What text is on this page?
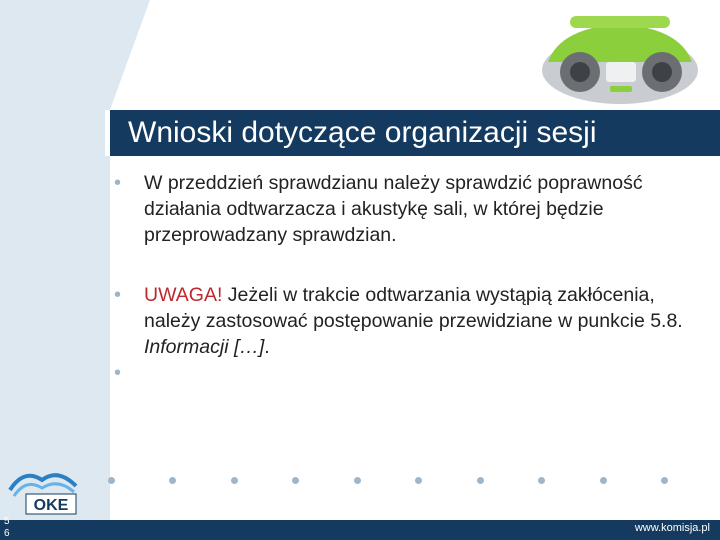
Wnioski dotyczące organizacji sesji
• W przeddzień sprawdzianu należy sprawdzić poprawność działania odtwarzacza i akustykę sali, w której będzie przeprowadzany sprawdzian.
• UWAGA! Jeżeli w trakcie odtwarzania wystąpią zakłócenia, należy zastosować postępowanie przewidziane w punkcie 5.8. Informacji […].
•
OKE
5
6	www.komisja.pl
